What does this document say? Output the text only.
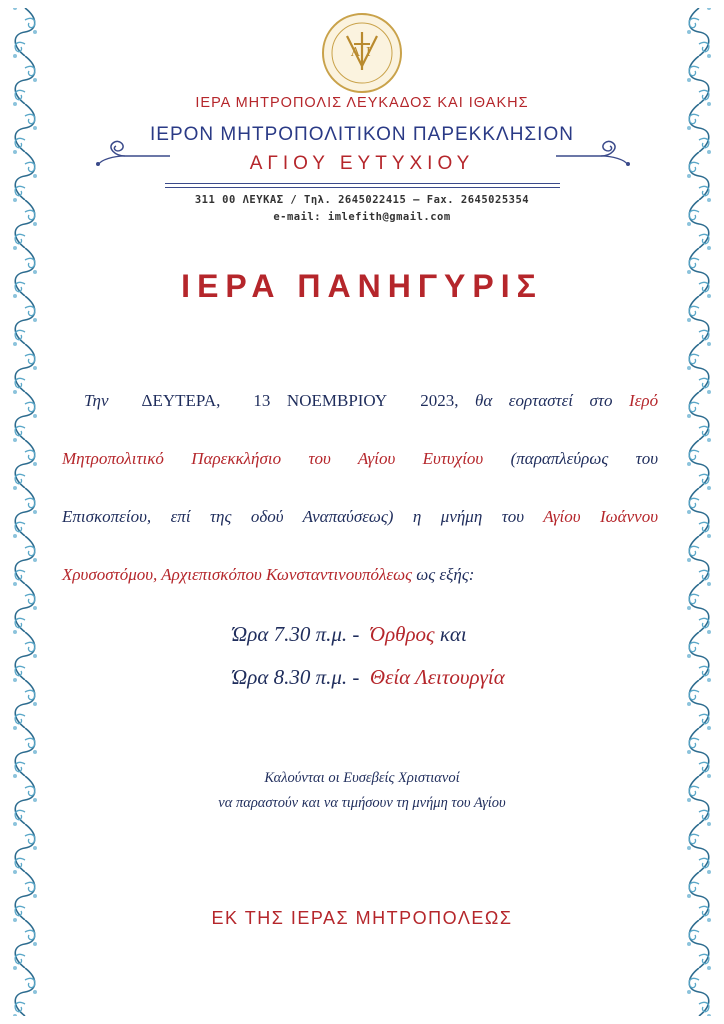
Λ Ι
ΙΕΡΑ ΜΗΤΡΟΠΟΛΙΣ ΛΕΥΚΑΔΟΣ ΚΑΙ ΙΘΑΚΗΣ
ΙΕΡΟΝ ΜΗΤΡΟΠΟΛΙΤΙΚΟΝ ΠΑΡΕΚΚΛΗΣΙΟΝ
ΑΓΙΟΥ ΕΥΤΥΧΙΟΥ
311 00 ΛΕΥΚΑΣ / Τηλ. 2645022415 – Fax. 2645025354
e-mail: imlefith@gmail.com
ΙΕΡΑ ΠΑΝΗΓΥΡΙΣ
Την ΔΕΥΤΕΡΑ, 13 ΝΟΕΜΒΡΙΟΥ 2023, θα εορταστεί στο Ιερό
Μητροπολιτικό Παρεκκλήσιο του Αγίου Ευτυχίου (παραπλεύρως του
Επισκοπείου, επί της οδού Αναπαύσεως) η μνήμη του Αγίου Ιωάννου
Χρυσοστόμου, Αρχιεπισκόπου Κωνσταντινουπόλεως ως εξής:
Ώρα 7.30 π.μ. - Όρθρος και
Ώρα 8.30 π.μ. - Θεία Λειτουργία
Καλούνται οι Ευσεβείς Χριστιανοί
να παραστούν και να τιμήσουν τη μνήμη του Αγίου
ΕΚ ΤΗΣ ΙΕΡΑΣ ΜΗΤΡΟΠΟΛΕΩΣ
